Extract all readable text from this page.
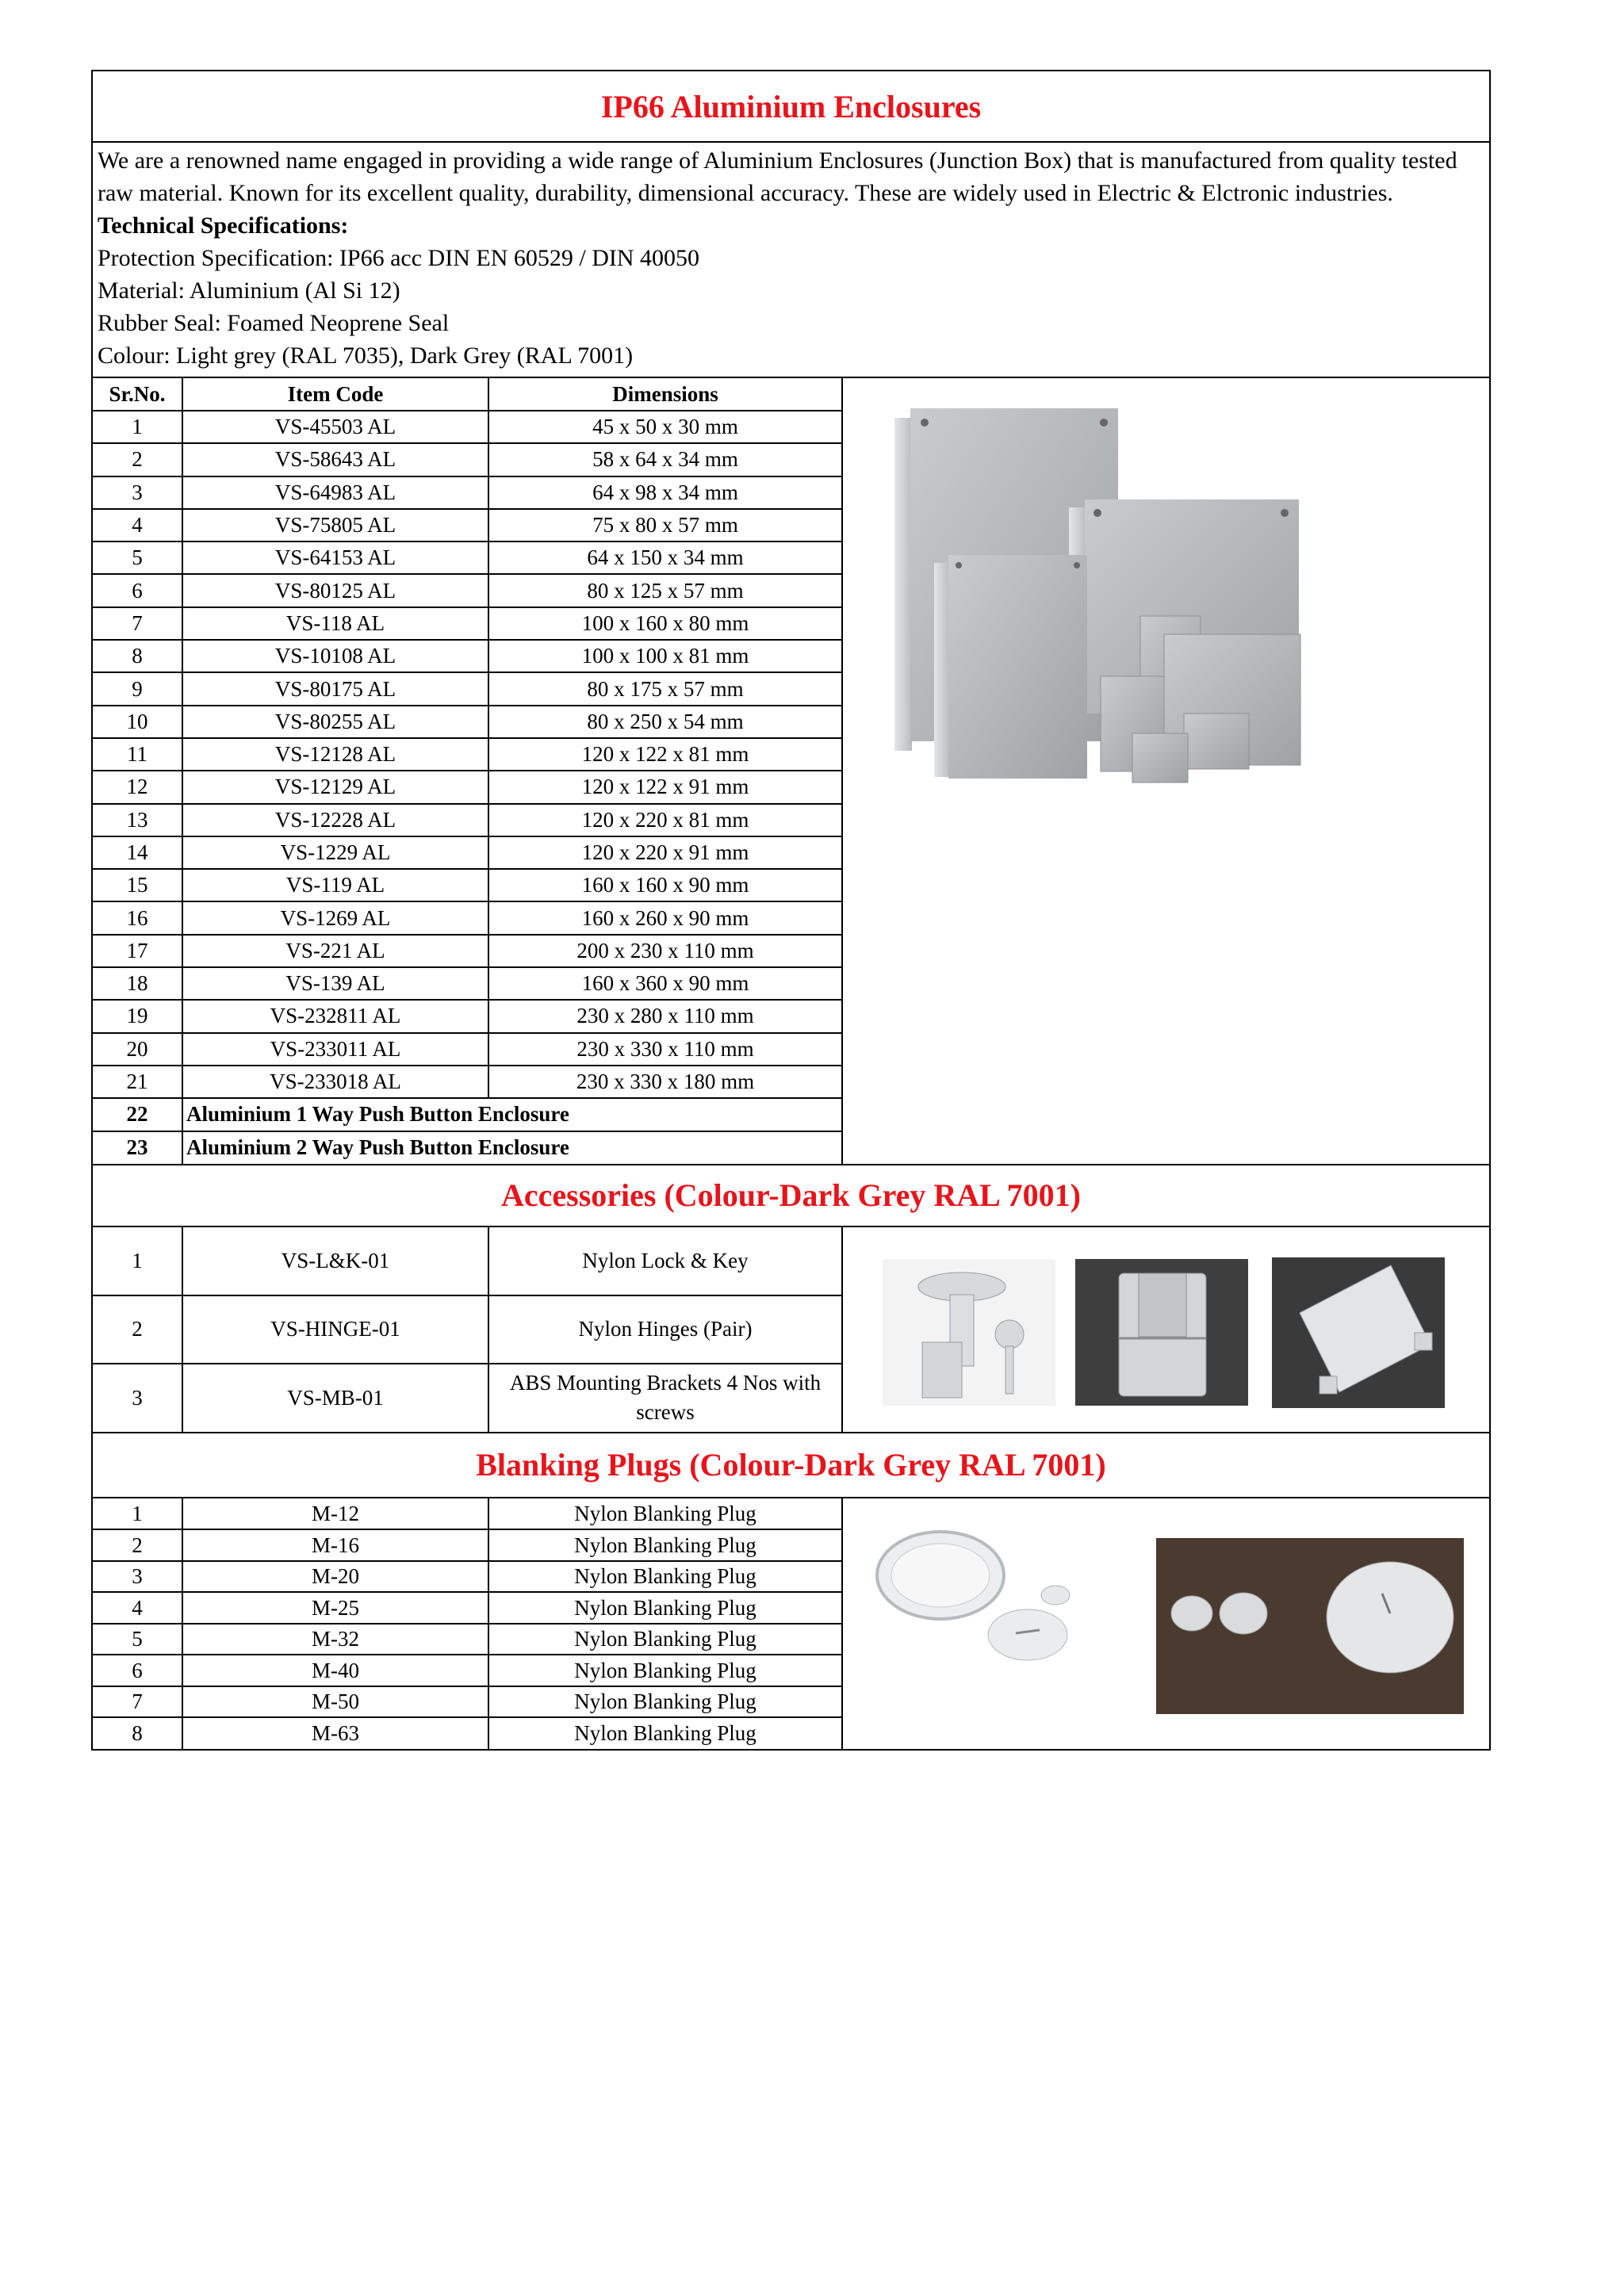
IP66 Aluminium Enclosures
We are a renowned name engaged in providing a wide range of Aluminium Enclosures (Junction Box) that is manufactured from quality tested raw material. Known for its excellent quality, durability, dimensional accuracy. These are widely used in Electric & Elctronic industries.
Technical Specifications:
Protection Specification: IP66 acc DIN EN 60529 / DIN 40050
Material: Aluminium (Al Si 12)
Rubber Seal: Foamed Neoprene Seal
Colour: Light grey (RAL 7035), Dark Grey (RAL 7001)
Sr.No.	Item Code	Dimensions
1	VS-45503 AL	45 x 50 x 30 mm
2	VS-58643 AL	58 x 64 x 34 mm
3	VS-64983 AL	64 x 98 x 34 mm
4	VS-75805 AL	75 x 80 x 57 mm
5	VS-64153 AL	64 x 150 x 34 mm
6	VS-80125 AL	80 x 125 x 57 mm
7	VS-118 AL	100 x 160 x 80 mm
8	VS-10108 AL	100 x 100 x 81 mm
9	VS-80175 AL	80 x 175 x 57 mm
10	VS-80255 AL	80 x 250 x 54 mm
11	VS-12128 AL	120 x 122 x 81 mm
12	VS-12129 AL	120 x 122 x 91 mm
13	VS-12228 AL	120 x 220 x 81 mm
14	VS-1229 AL	120 x 220 x 91 mm
15	VS-119 AL	160 x 160 x 90 mm
16	VS-1269 AL	160 x 260 x 90 mm
17	VS-221 AL	200 x 230 x 110 mm
18	VS-139 AL	160 x 360 x 90 mm
19	VS-232811 AL	230 x 280 x 110 mm
20	VS-233011 AL	230 x 330 x 110 mm
21	VS-233018 AL	230 x 330 x 180 mm
22	Aluminium 1 Way Push Button Enclosure	
23	Aluminium 2 Way Push Button Enclosure	
Accessories (Colour-Dark Grey RAL 7001)
1	VS-L&K-01	Nylon Lock & Key
2	VS-HINGE-01	Nylon Hinges (Pair)
3	VS-MB-01	ABS Mounting Brackets 4 Nos with screws
Blanking Plugs (Colour-Dark Grey RAL 7001)
1	M-12	Nylon Blanking Plug
2	M-16	Nylon Blanking Plug
3	M-20	Nylon Blanking Plug
4	M-25	Nylon Blanking Plug
5	M-32	Nylon Blanking Plug
6	M-40	Nylon Blanking Plug
7	M-50	Nylon Blanking Plug
8	M-63	Nylon Blanking Plug
